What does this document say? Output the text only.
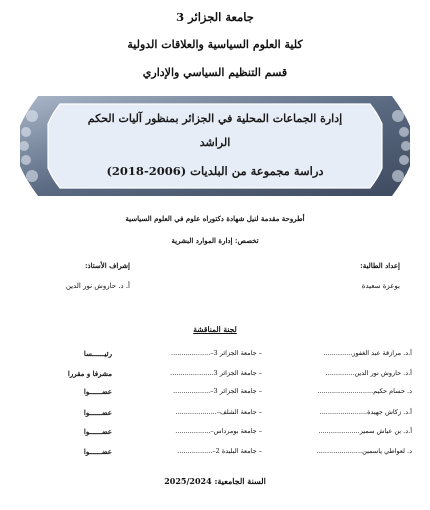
جامعة الجزائر 3
كلية العلوم السياسية والعلاقات الدولية
قسم التنظيم السياسي والإداري
إدارة الجماعات المحلية في الجزائر بمنظور آليات الحكم
الراشد
دراسة مجموعة من البلديات (2006-2018)
أطروحة مقدمة لنيل شهادة دكتوراه علوم في العلوم السياسية
تخصص: إدارة الموارد البشرية
إعداد الطالبة:
إشراف الأستاذ:
بوعزة سعيدة
أ. د. حاروش نور الدين
لجنة المناقشة
أ.د. مرازقة عبد الغفور..............
– جامعة الجزائر 3–...................
رئيــــــسا
أ.د. حاروش نور الدين..............
– جامعة الجزائر 3.....................
مشرفا و مقررا
د. حسام حكيم...........................
– جامعة الجزائر 3–..................
عضــــــوا
أ.د. زكاش جهيدة.......................
– جامعة الشلف–....................
عضــــــوا
أ.د. بن عياش سمير....................
– جامعة بومرداس–.................
عضــــــوا
د. لعواطي ياسمين......................
– جامعة البليدة 2–.................
عضــــــوا
السنة الجامعية: 2025/2024
